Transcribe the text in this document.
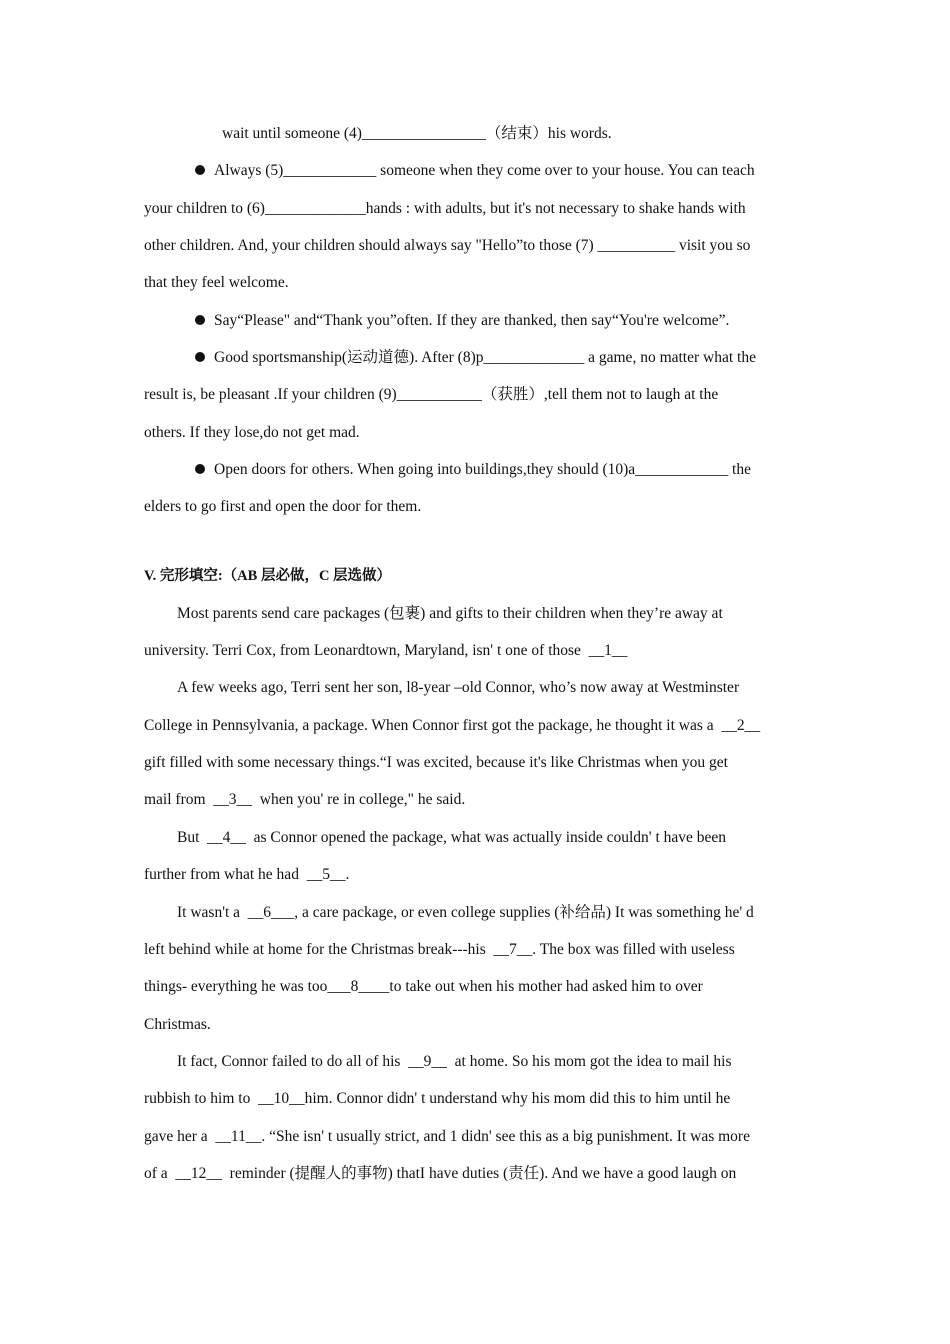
wait until someone (4)________________（结束）his words.
Always (5)____________ someone when they come over to your house. You can teach
your children to (6)_____________hands : with adults, but it's not necessary to shake hands with
other children. And, your children should always say "Hello”to those (7) __________ visit you so
that they feel welcome.
Say“Please" and“Thank you”often. If they are thanked, then say“You're welcome”.
Good sportsmanship(运动道德). After (8)p_____________ a game, no matter what the
result is, be pleasant .If your children (9)___________（获胜）,tell them not to laugh at the
others. If they lose,do not get mad.
Open doors for others. When going into buildings,they should (10)a____________ the
elders to go first and open the door for them.
V. 完形填空:（AB 层必做，C 层选做）
Most parents send care packages (包裹) and gifts to their children when they’re away at
university. Terri Cox, from Leonardtown, Maryland, isn' t one of those  __1__
A few weeks ago, Terri sent her son, l8-year –old Connor, who’s now away at Westminster
College in Pennsylvania, a package. When Connor first got the package, he thought it was a  __2__
gift filled with some necessary things.“I was excited, because it's like Christmas when you get
mail from  __3__  when you' re in college," he said.
But  __4__  as Connor opened the package, what was actually inside couldn' t have been
further from what he had  __5__.
It wasn't a  __6___, a care package, or even college supplies (补给品) It was something he' d
left behind while at home for the Christmas break---his  __7__. The box was filled with useless
things- everything he was too___8____to take out when his mother had asked him to over
Christmas.
It fact, Connor failed to do all of his  __9__  at home. So his mom got the idea to mail his
rubbish to him to  __10__him. Connor didn' t understand why his mom did this to him until he
gave her a  __11__. “She isn' t usually strict, and 1 didn' see this as a big punishment. It was more
of a  __12__  reminder (提醒人的事物) thatI have duties (责任). And we have a good laugh on
